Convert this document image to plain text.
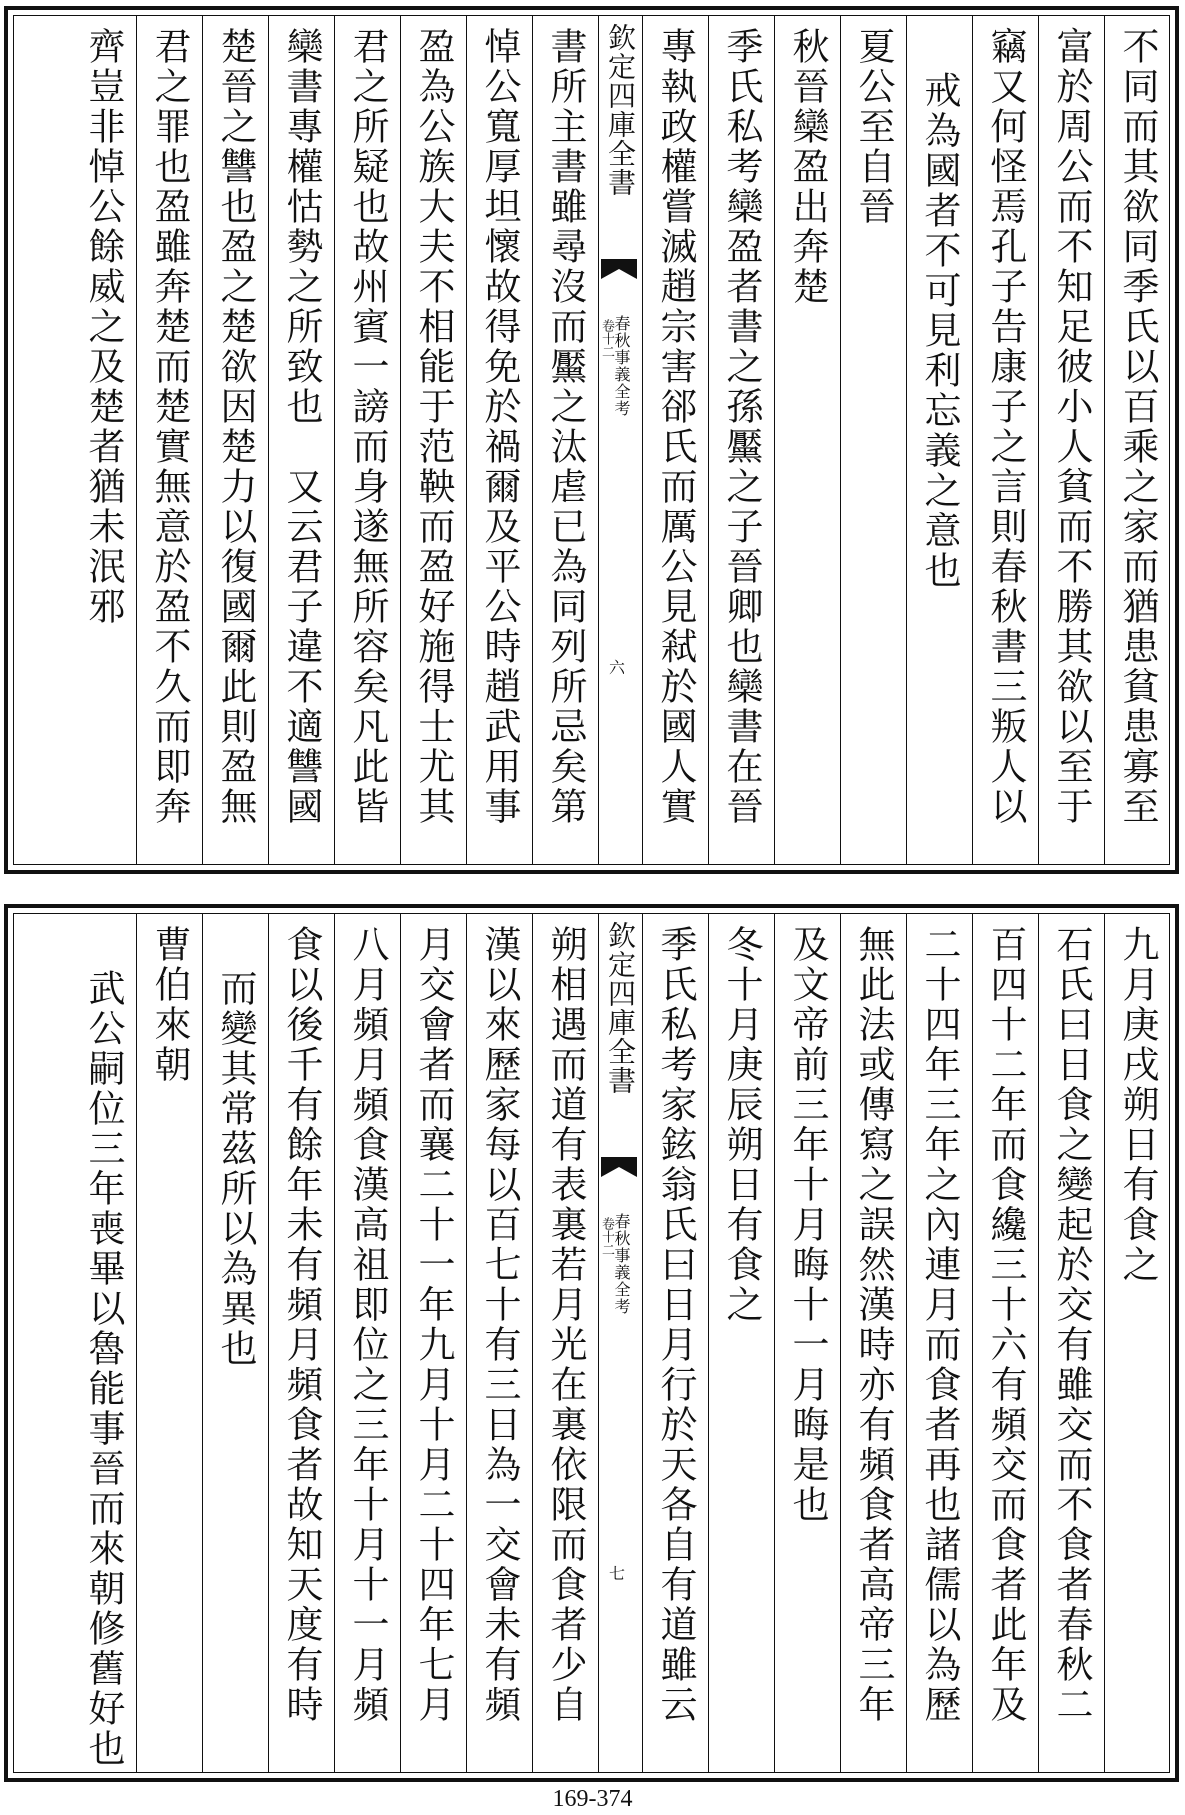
不同而其欲同季氏以百乘之家而猶患貧患寡至
富於周公而不知足彼小人貧而不勝其欲以至于
竊又何怪焉孔子告康子之言則春秋書三叛人以
戒為國者不可見利忘義之意也
夏公至自晉
秋晉欒盈出奔楚
季氏私考欒盈者書之孫黶之子晉卿也欒書在晉
專執政權嘗滅趙宗害郤氏而厲公見弒於國人實
欽定四庫全書
春秋事義全考
卷十二
六
書所主書雖尋沒而黶之汰虐已為同列所忌矣第
悼公寬厚坦懷故得免於禍爾及平公時趙武用事
盈為公族大夫不相能于范鞅而盈好施得士尤其
君之所疑也故州賓一謗而身遂無所容矣凡此皆
欒書專權怙勢之所致也　又云君子違不適讐國
楚晉之讐也盈之楚欲因楚力以復國爾此則盈無
君之罪也盈雖奔楚而楚實無意於盈不久而即奔
齊豈非悼公餘威之及楚者猶未泯邪
九月庚戌朔日有食之
石氏曰日食之變起於交有雖交而不食者春秋二
百四十二年而食纔三十六有頻交而食者此年及
二十四年三年之內連月而食者再也諸儒以為歷
無此法或傳寫之誤然漢時亦有頻食者高帝三年
及文帝前三年十月晦十一月晦是也
冬十月庚辰朔日有食之
季氏私考家鉉翁氏曰日月行於天各自有道雖云
欽定四庫全書
春秋事義全考
卷十二
七
朔相遇而道有表裏若月光在裏依限而食者少自
漢以來歷家每以百七十有三日為一交會未有頻
月交會者而襄二十一年九月十月二十四年七月
八月頻月頻食漢高祖即位之三年十月十一月頻
食以後千有餘年未有頻月頻食者故知天度有時
而變其常茲所以為異也
曹伯來朝
武公嗣位三年喪畢以魯能事晉而來朝修舊好也
169-374
